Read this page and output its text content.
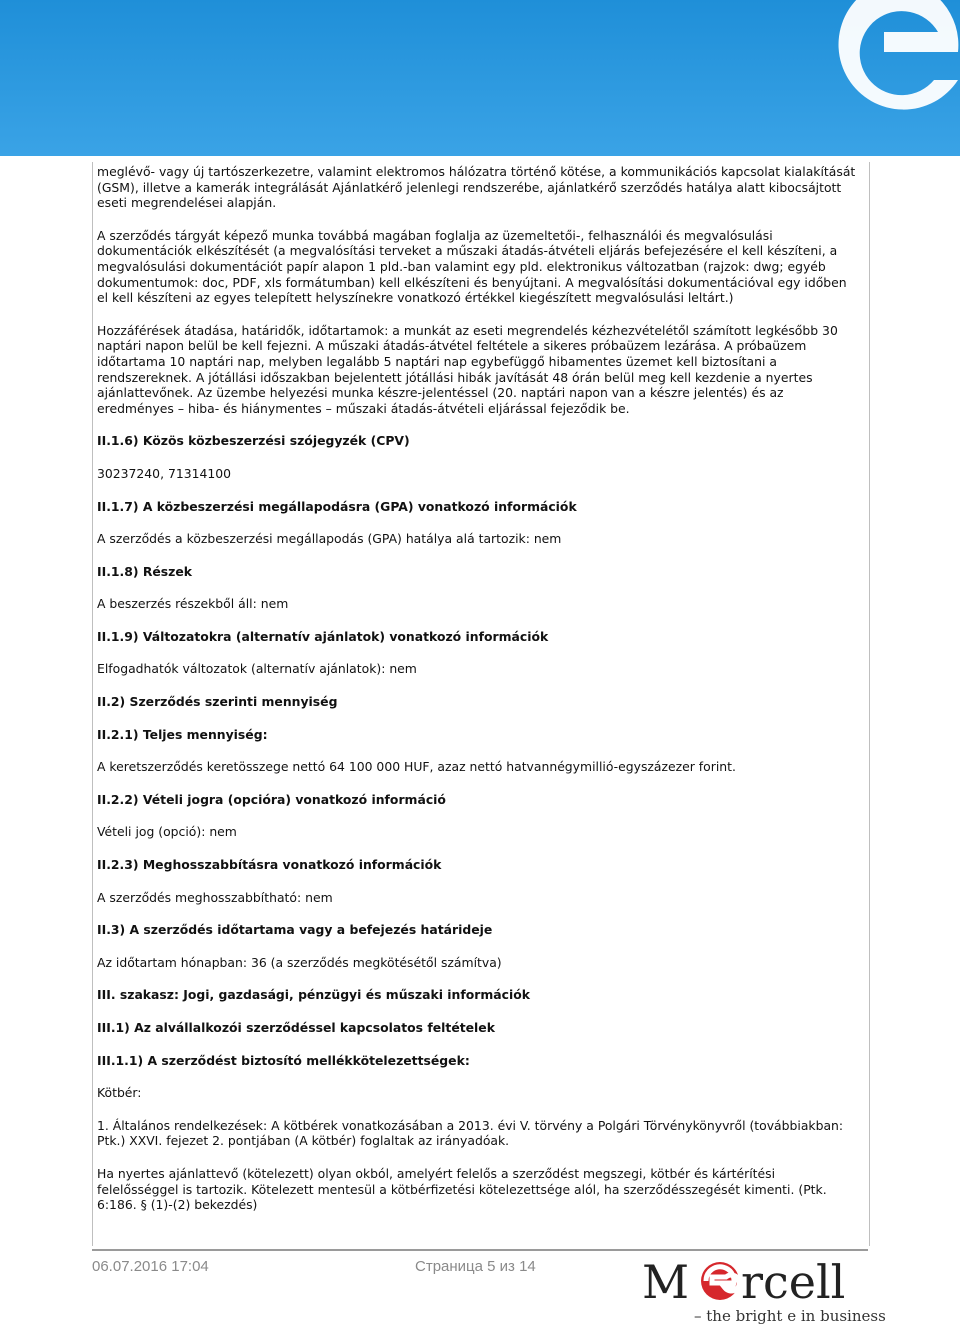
meglévő- vagy új tartószerkezetre, valamint elektromos hálózatra történő kötése, a kommunikációs kapcsolat kialakítását (GSM), illetve a kamerák integrálását Ajánlatkérő jelenlegi rendszerébe, ajánlatkérő szerződés hatálya alatt kibocsájtott eseti megrendelései alapján.

A szerződés tárgyát képező munka továbbá magában foglalja az üzemeltetői-, felhasználói és megvalósulási dokumentációk elkészítését (a megvalósítási terveket a műszaki átadás-átvételi eljárás befejezésére el kell készíteni, a megvalósulási dokumentációt papír alapon 1 pld.-ban valamint egy pld. elektronikus változatban (rajzok: dwg; egyéb dokumentumok: doc, PDF, xls formátumban) kell elkészíteni és benyújtani. A megvalósítási dokumentációval egy időben el kell készíteni az egyes telepített helyszínekre vonatkozó értékkel kiegészített megvalósulási leltárt.)

Hozzáférések átadása, határidők, időtartamok: a munkát az eseti megrendelés kézhezvételétől számított legkésőbb 30 naptári napon belül be kell fejezni. A műszaki átadás-átvétel feltétele a sikeres próbaüzem lezárása. A próbaüzem időtartama 10 naptári nap, melyben legalább 5 naptári nap egybefüggő hibamentes üzemet kell biztosítani a rendszereknek. A jótállási időszakban bejelentett jótállási hibák javítását 48 órán belül meg kell kezdenie a nyertes ajánlattevőnek. Az üzembe helyezési munka készre-jelentéssel (20. naptári napon van a készre jelentés) és az eredményes – hiba- és hiánymentes – műszaki átadás-átvételi eljárással fejeződik be.

II.1.6) Közös közbeszerzési szójegyzék (CPV)

30237240, 71314100

II.1.7) A közbeszerzési megállapodásra (GPA) vonatkozó információk

A szerződés a közbeszerzési megállapodás (GPA) hatálya alá tartozik: nem

II.1.8) Részek

A beszerzés részekből áll: nem

II.1.9) Változatokra (alternatív ajánlatok) vonatkozó információk

Elfogadhatók változatok (alternatív ajánlatok): nem

II.2) Szerződés szerinti mennyiség

II.2.1) Teljes mennyiség:

A keretszerződés keretösszege nettó 64 100 000 HUF, azaz nettó hatvannégymillió-egyszázezer forint.

II.2.2) Vételi jogra (opcióra) vonatkozó információ

Vételi jog (opció): nem

II.2.3) Meghosszabbításra vonatkozó információk

A szerződés meghosszabbítható: nem

II.3) A szerződés időtartama vagy a befejezés határideje

Az időtartam hónapban: 36 (a szerződés megkötésétől számítva)

III. szakasz: Jogi, gazdasági, pénzügyi és műszaki információk

III.1) Az alvállalkozói szerződéssel kapcsolatos feltételek

III.1.1) A szerződést biztosító mellékkötelezettségek:

Kötbér:

1. Általános rendelkezések: A kötbérek vonatkozásában a 2013. évi V. törvény a Polgári Törvénykönyvről (továbbiakban: Ptk.) XXVI. fejezet 2. pontjában (A kötbér) foglaltak az irányadóak.

Ha nyertes ajánlattevő (kötelezett) olyan okból, amelyért felelős a szerződést megszegi, kötbér és kártérítési felelősséggel is tartozik. Kötelezett mentesül a kötbérfizetési kötelezettsége alól, ha szerződésszegését kimenti. (Ptk. 6:186. § (1)-(2) bekezdés)

06.07.2016 17:04	Страница 5 из 14 M rcell
– the bright e in business
